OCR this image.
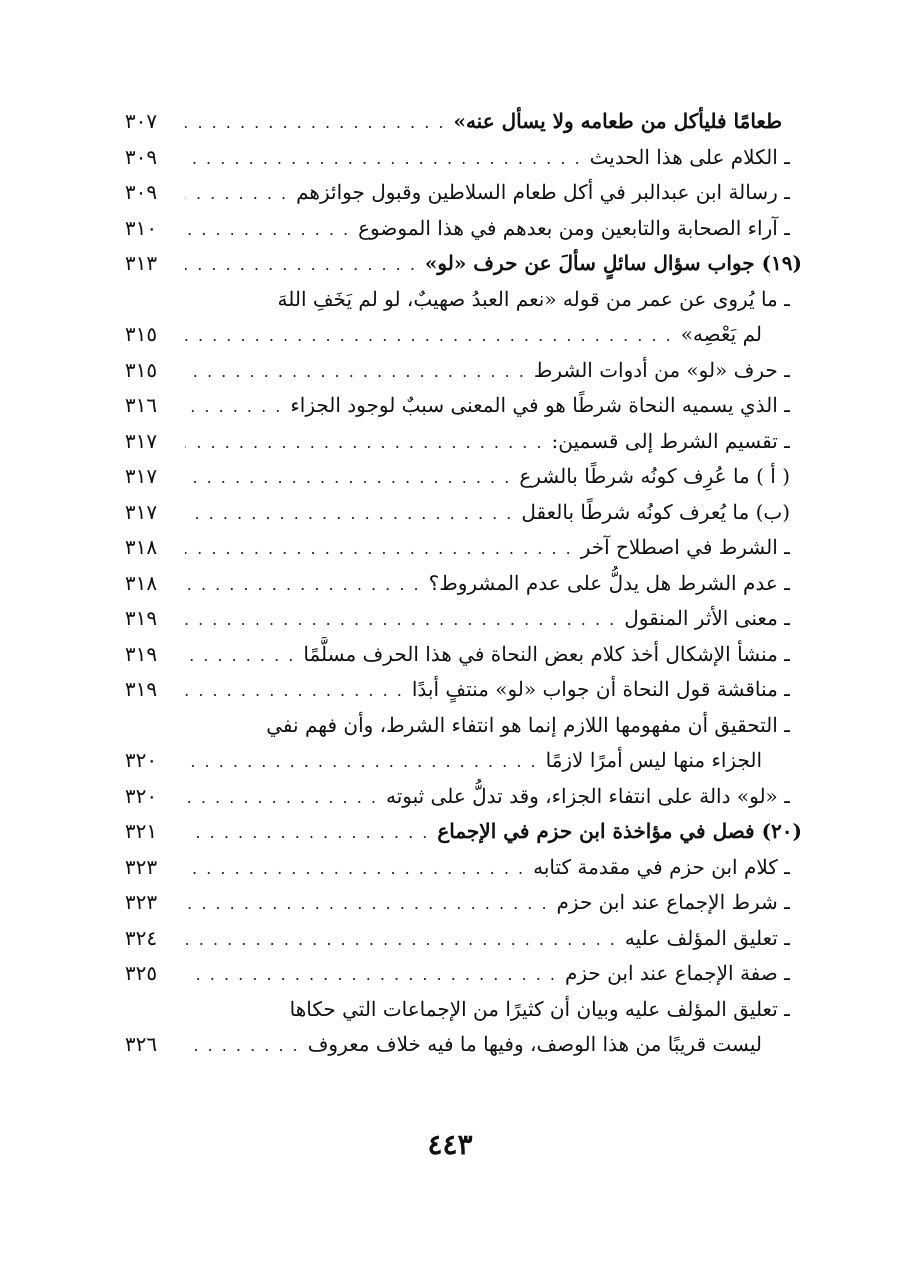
طعامًا فليأكل من طعامه ولا يسأل عنه»
. . .
٣٠٧
ـ الكلام على هذا الحديث
. . .
٣٠٩
ـ رسالة ابن عبدالبر في أكل طعام السلاطين وقبول جوائزهم
. . .
٣٠٩
ـ آراء الصحابة والتابعين ومن بعدهم في هذا الموضوع
. . .
٣١٠
(١٩) جواب سؤال سائلٍ سألَ عن حرف «لو»
. . .
٣١٣
ـ ما يُروى عن عمر من قوله «نعم العبدُ صهيبٌ، لو لم يَخَفِ اللهَ
لم يَعْصِه»
. . .
٣١٥
ـ حرف «لو» من أدوات الشرط
. . .
٣١٥
ـ الذي يسميه النحاة شرطًا هو في المعنى سببٌ لوجود الجزاء
. . .
٣١٦
ـ تقسيم الشرط إلى قسمين:
. . .
٣١٧
( أ ) ما عُرِف كونُه شرطًا بالشرع
. . .
٣١٧
(ب) ما يُعرف كونُه شرطًا بالعقل
. . .
٣١٧
ـ الشرط في اصطلاح آخر
. . .
٣١٨
ـ عدم الشرط هل يدلُّ على عدم المشروط؟
. . .
٣١٨
ـ معنى الأثر المنقول
. . .
٣١٩
ـ منشأ الإشكال أخذ كلام بعض النحاة في هذا الحرف مسلَّمًا
. . .
٣١٩
ـ مناقشة قول النحاة أن جواب «لو» منتفٍ أبدًا
. . .
٣١٩
ـ التحقيق أن مفهومها اللازم إنما هو انتفاء الشرط، وأن فهم نفي
الجزاء منها ليس أمرًا لازمًا
. . .
٣٢٠
ـ «لو» دالة على انتفاء الجزاء، وقد تدلُّ على ثبوته
. . .
٣٢٠
(٢٠) فصل في مؤاخذة ابن حزم في الإجماع
. . .
٣٢١
ـ كلام ابن حزم في مقدمة كتابه
. . .
٣٢٣
ـ شرط الإجماع عند ابن حزم
. . .
٣٢٣
ـ تعليق المؤلف عليه
. . .
٣٢٤
ـ صفة الإجماع عند ابن حزم
. . .
٣٢٥
ـ تعليق المؤلف عليه وبيان أن كثيرًا من الإجماعات التي حكاها
ليست قريبًا من هذا الوصف، وفيها ما فيه خلاف معروف
. . .
٣٢٦
٤٤٣
